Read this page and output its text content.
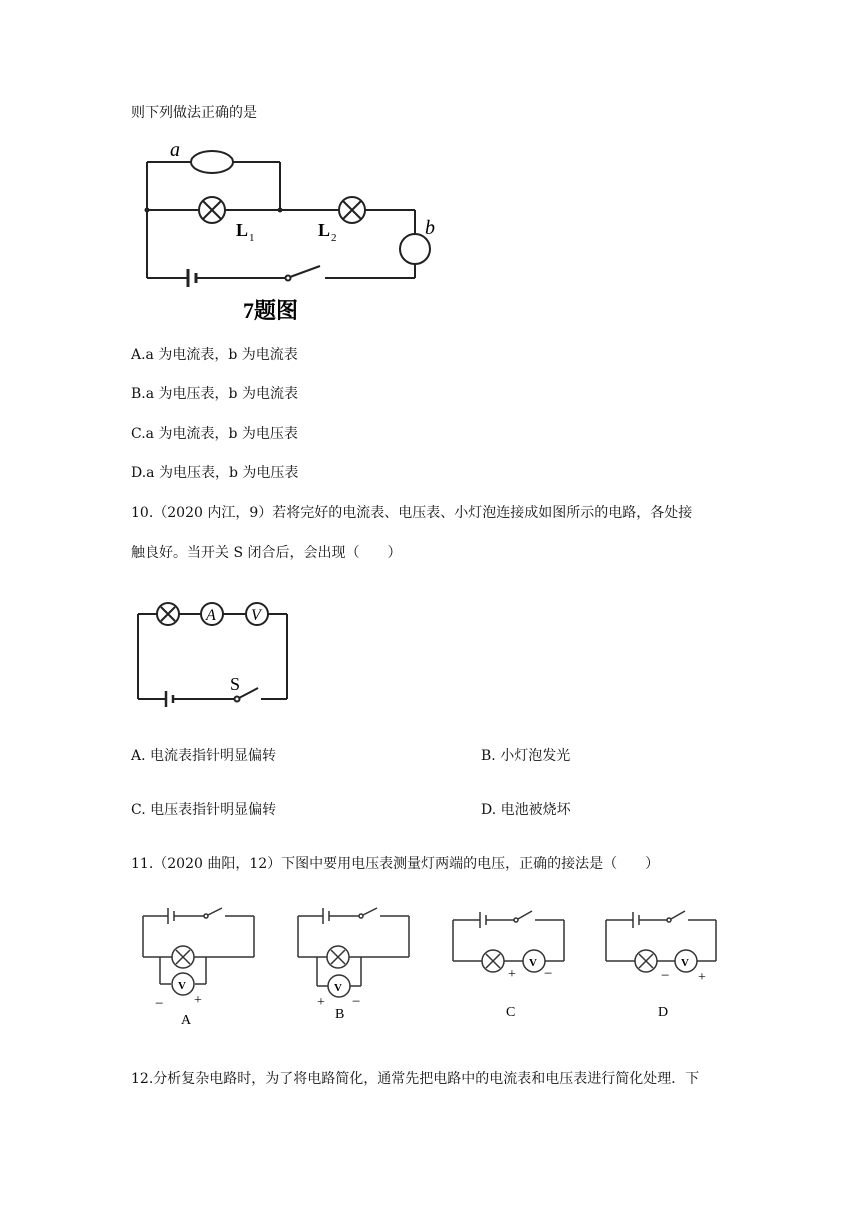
则下列做法正确的是
a
b
L 1	L 2
7题图
A.a 为电流表，b 为电流表
B.a 为电压表，b 为电流表
C.a 为电流表，b 为电压表
D.a 为电压表，b 为电压表
10.（2020 内江，9）若将完好的电流表、电压表、小灯泡连接成如图所示的电路，各处接
触良好。当开关 S 闭合后，会出现（　　）
A V
S
A. 电流表指针明显偏转	B. 小灯泡发光
C. 电压表指针明显偏转	D. 电池被烧坏
11.（2020 曲阳，12）下图中要用电压表测量灯两端的电压，正确的接法是（　　）
V
− +
A
V
+ −
B
V
+ −
C
V
− +
D
12.分析复杂电路时，为了将电路简化，通常先把电路中的电流表和电压表进行简化处理．下
